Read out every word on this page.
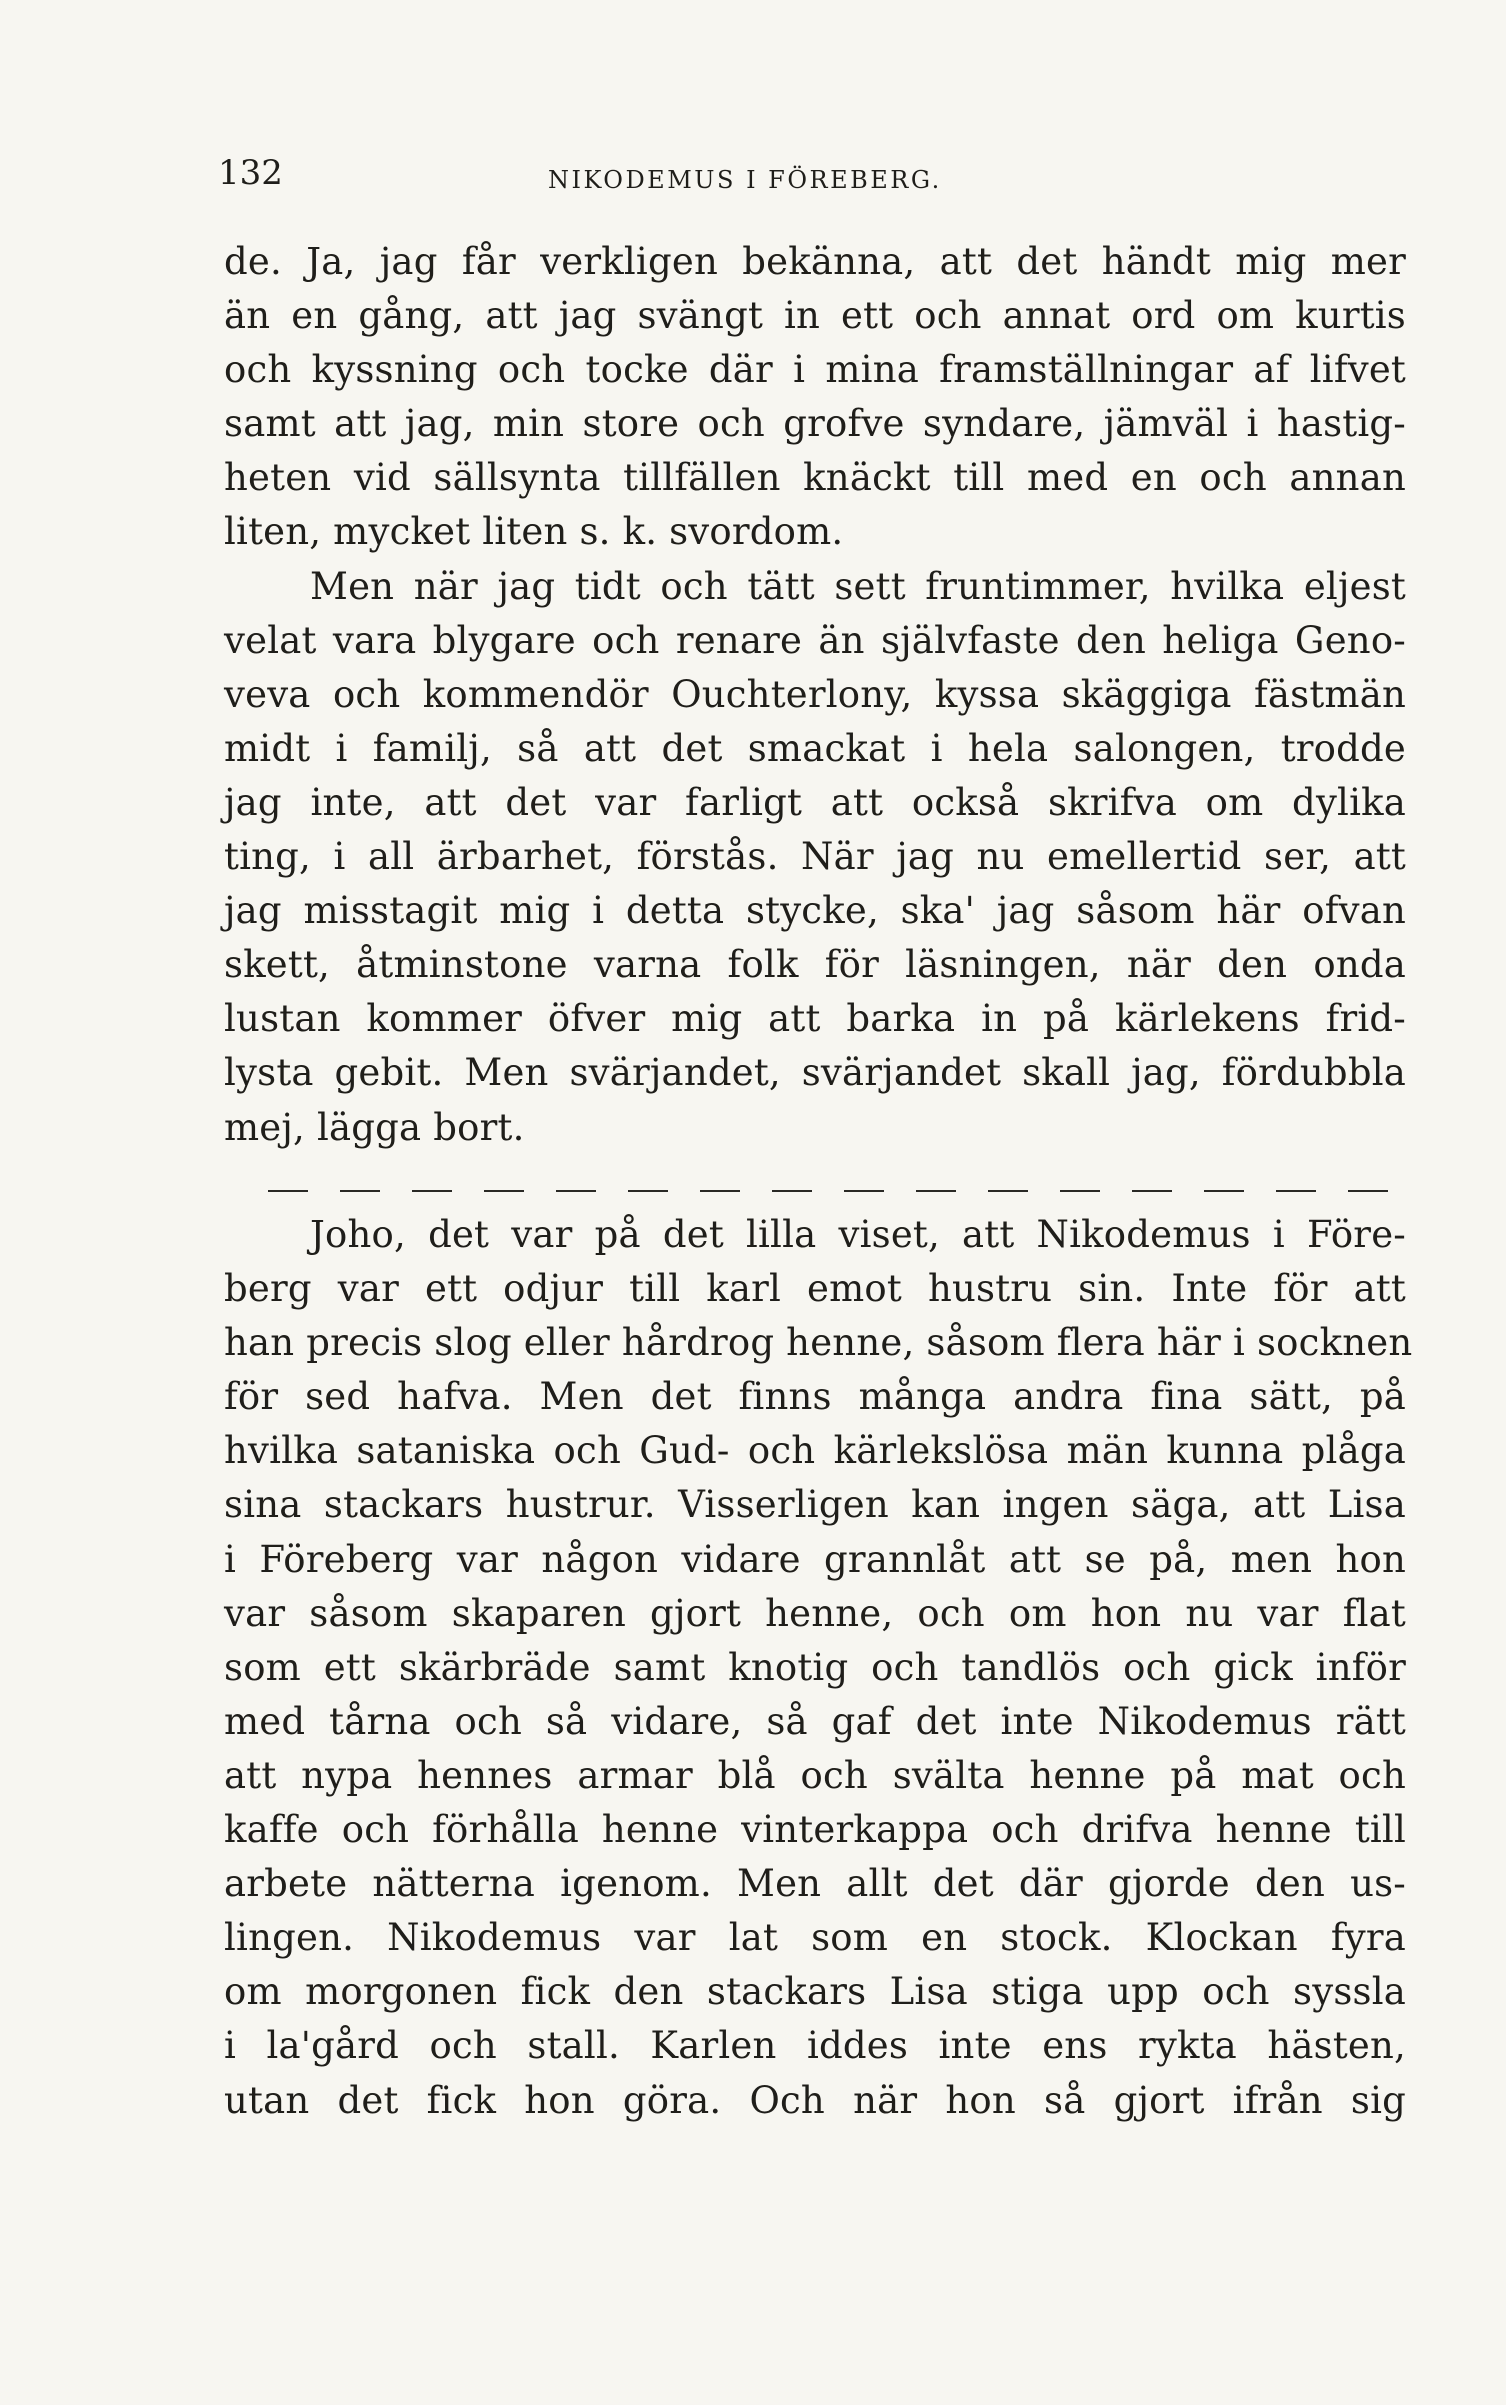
132	NIKODEMUS I FÖREBERG.
de. Ja, jag får verkligen bekänna, att det händt mig mer
än en gång, att jag svängt in ett och annat ord om kurtis
och kyssning och tocke där i mina framställningar af lifvet
samt att jag, min store och grofve syndare, jämväl i hastig-
heten vid sällsynta tillfällen knäckt till med en och annan
liten, mycket liten s. k. svordom.
Men när jag tidt och tätt sett fruntimmer, hvilka eljest
velat vara blygare och renare än självfaste den heliga Geno-
veva och kommendör Ouchterlony, kyssa skäggiga fästmän
midt i familj, så att det smackat i hela salongen, trodde
jag inte, att det var farligt att också skrifva om dylika
ting, i all ärbarhet, förstås. När jag nu emellertid ser, att
jag misstagit mig i detta stycke, ska' jag såsom här ofvan
skett, åtminstone varna folk för läsningen, när den onda
lustan kommer öfver mig att barka in på kärlekens frid-
lysta gebit. Men svärjandet, svärjandet skall jag, fördubbla
mej, lägga bort.
Joho, det var på det lilla viset, att Nikodemus i Före-
berg var ett odjur till karl emot hustru sin. Inte för att
han precis slog eller hårdrog henne, såsom flera här i socknen
för sed hafva. Men det finns många andra fina sätt, på
hvilka sataniska och Gud- och kärlekslösa män kunna plåga
sina stackars hustrur. Visserligen kan ingen säga, att Lisa
i Föreberg var någon vidare grannlåt att se på, men hon
var såsom skaparen gjort henne, och om hon nu var flat
som ett skärbräde samt knotig och tandlös och gick inför
med tårna och så vidare, så gaf det inte Nikodemus rätt
att nypa hennes armar blå och svälta henne på mat och
kaffe och förhålla henne vinterkappa och drifva henne till
arbete nätterna igenom. Men allt det där gjorde den us-
lingen. Nikodemus var lat som en stock. Klockan fyra
om morgonen fick den stackars Lisa stiga upp och syssla
i la'gård och stall. Karlen iddes inte ens rykta hästen,
utan det fick hon göra. Och när hon så gjort ifrån sig
